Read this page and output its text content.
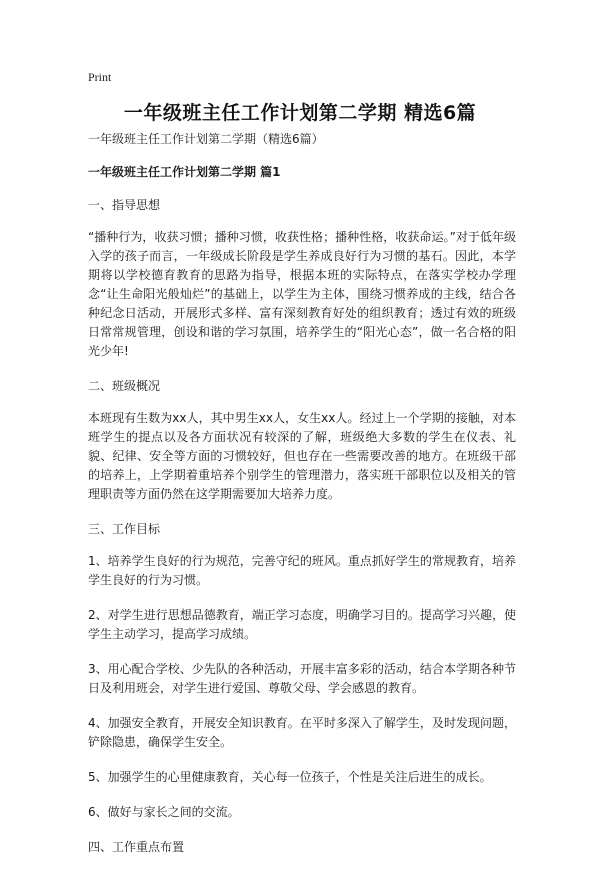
Print
一年级班主任工作计划第二学期 精选6篇

一年级班主任工作计划第二学期（精选6篇）

一年级班主任工作计划第二学期 篇1

一、指导思想

“播种行为，收获习惯；播种习惯，收获性格；播种性格，收获命运。”对于低年级入学的孩子而言，一年级成长阶段是学生养成良好行为习惯的基石。因此，本学期将以学校德育教育的思路为指导，根据本班的实际特点，在落实学校办学理念“让生命阳光般灿烂”的基础上，以学生为主体，围绕习惯养成的主线，结合各种纪念日活动，开展形式多样、富有深刻教育好处的组织教育；透过有效的班级日常常规管理，创设和谐的学习氛围，培养学生的“阳光心态”，做一名合格的阳光少年!

二、班级概况

本班现有生数为xx人，其中男生xx人，女生xx人。经过上一个学期的接触，对本班学生的提点以及各方面状况有较深的了解，班级绝大多数的学生在仪表、礼貌、纪律、安全等方面的习惯较好，但也存在一些需要改善的地方。在班级干部的培养上，上学期着重培养个别学生的管理潜力，落实班干部职位以及相关的管理职责等方面仍然在这学期需要加大培养力度。

三、工作目标

1、培养学生良好的行为规范，完善守纪的班风。重点抓好学生的常规教育，培养学生良好的行为习惯。

2、对学生进行思想品德教育，端正学习态度，明确学习目的。提高学习兴趣，使学生主动学习，提高学习成绩。

3、用心配合学校、少先队的各种活动，开展丰富多彩的活动，结合本学期各种节日及利用班会，对学生进行爱国、尊敬父母、学会感恩的教育。

4、加强安全教育，开展安全知识教育。在平时多深入了解学生，及时发现问题，铲除隐患，确保学生安全。

5、加强学生的心里健康教育，关心每一位孩子，个性是关注后进生的成长。

6、做好与家长之间的交流。

四、工作重点布置
